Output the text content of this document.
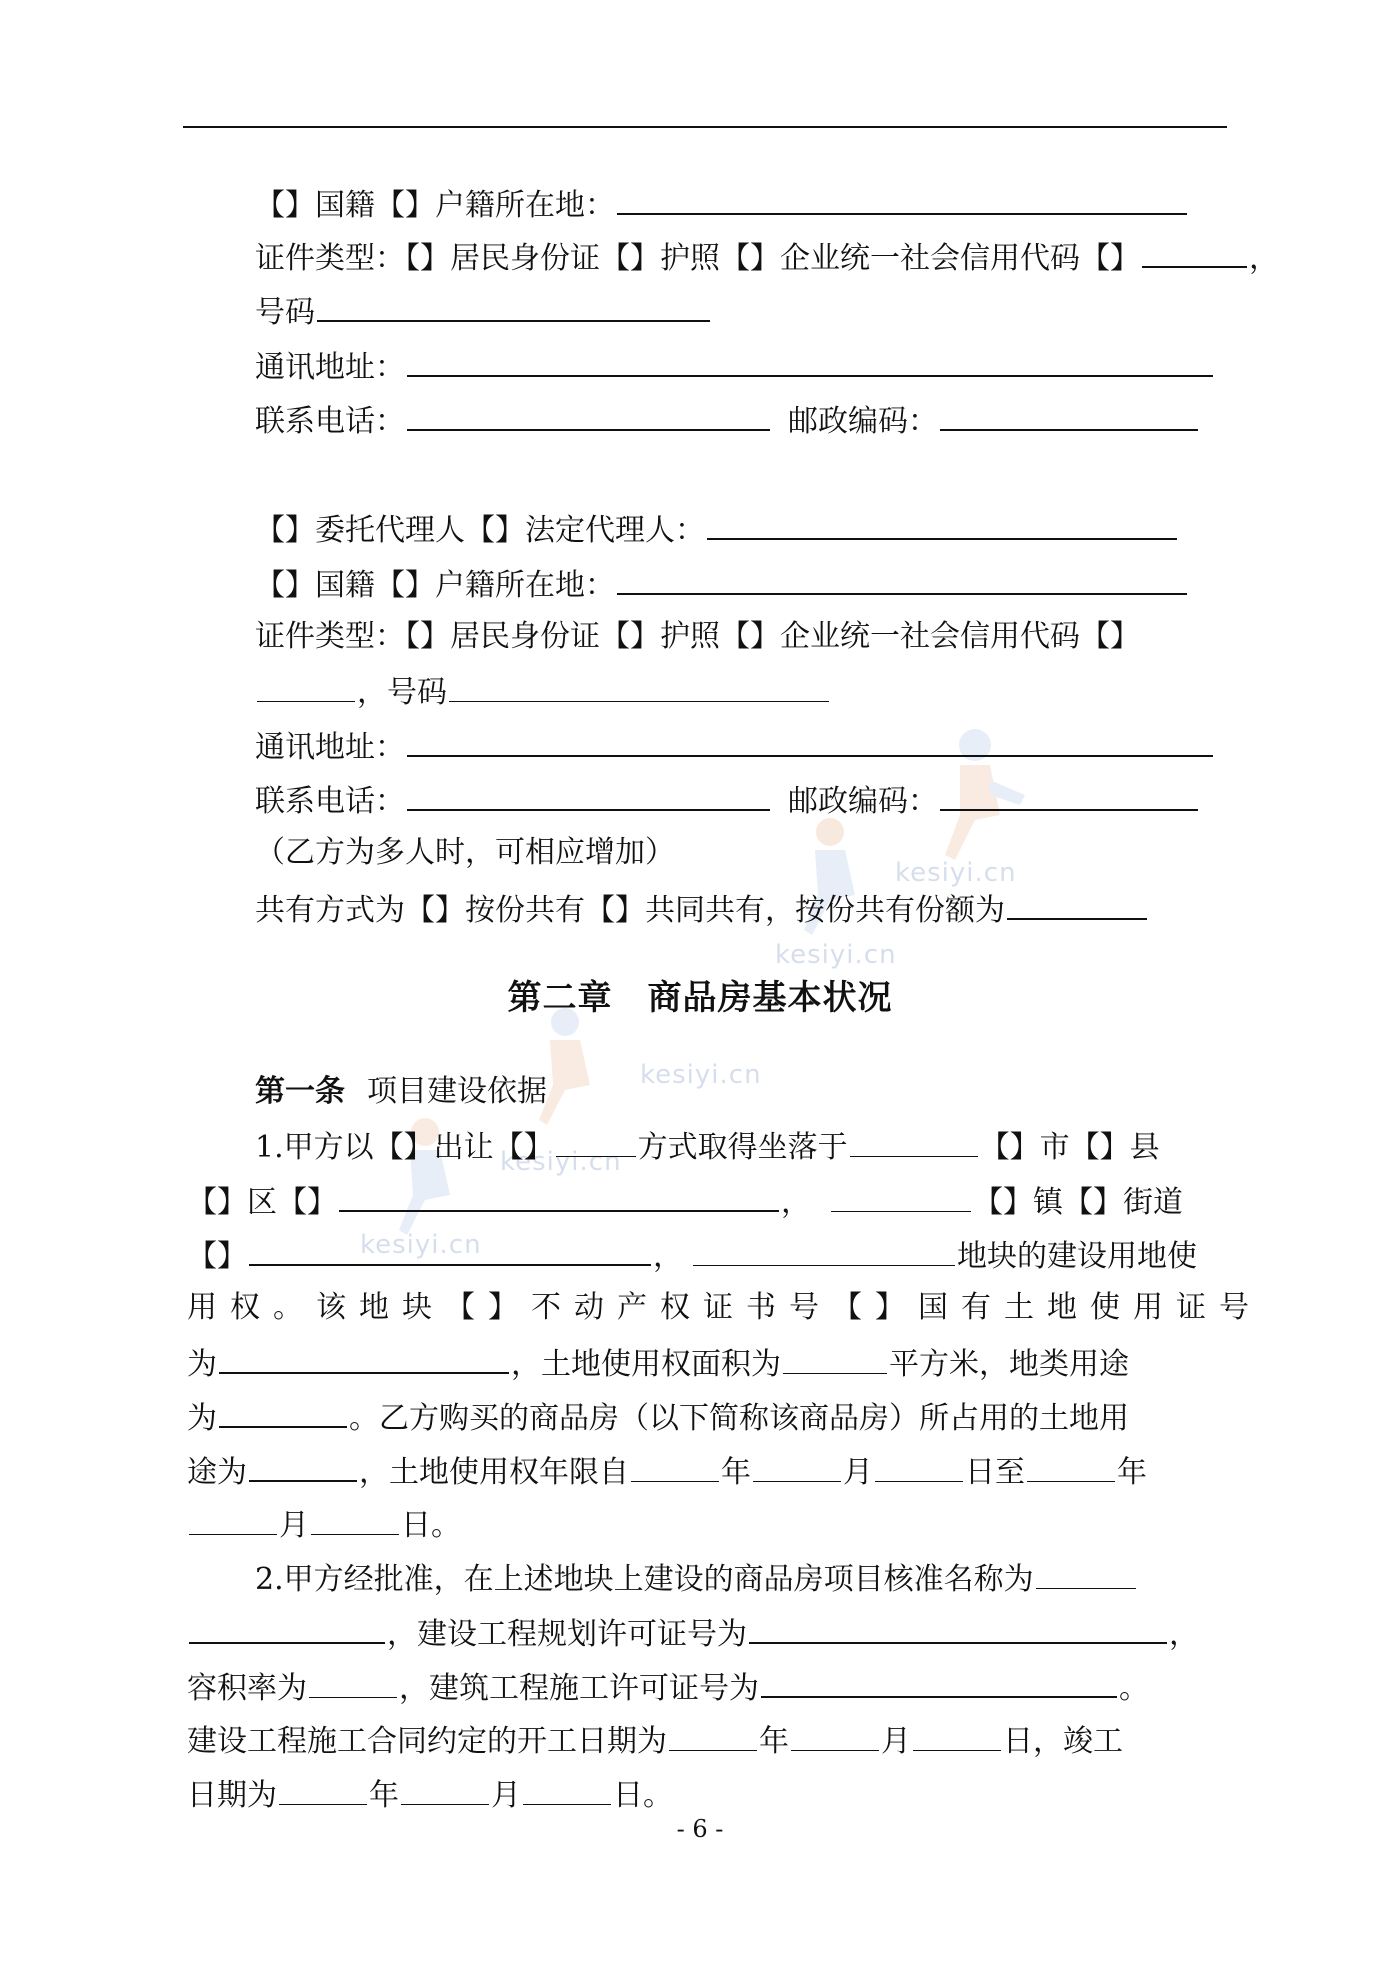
kesiyi.cn
kesiyi.cn
kesiyi.cn
kesiyi.cn
kesiyi.cn
【】国籍【】户籍所在地：
证件类型：【】居民身份证【】护照【】企业统一社会信用代码【】	，
号码
通讯地址：
联系电话：	邮政编码：
【】委托代理人【】法定代理人：
【】国籍【】户籍所在地：
证件类型：【】居民身份证【】护照【】企业统一社会信用代码【】
，号码
通讯地址：
联系电话：	邮政编码：
（乙方为多人时，可相应增加）
共有方式为【】按份共有【】共同共有，按份共有份额为
第二章　商品房基本状况
第一条 项目建设依据
1.甲方以【】出让【】	方式取得坐落于	【】市【】县
【】区【】	，	【】镇【】街道
【】	，	地块的建设用地使
用权。该地块【】不动产权证书号【】国有土地使用证号
为	，土地使用权面积为	平方米，地类用途
为	。乙方购买的商品房（以下简称该商品房）所占用的土地用
途为	，土地使用权年限自	年	月	日至	年
月	日。
2.甲方经批准，在上述地块上建设的商品房项目核准名称为
，建设工程规划许可证号为	，
容积率为	，建筑工程施工许可证号为	。
建设工程施工合同约定的开工日期为	年	月	日，竣工
日期为	年	月	日。
- 6 -
